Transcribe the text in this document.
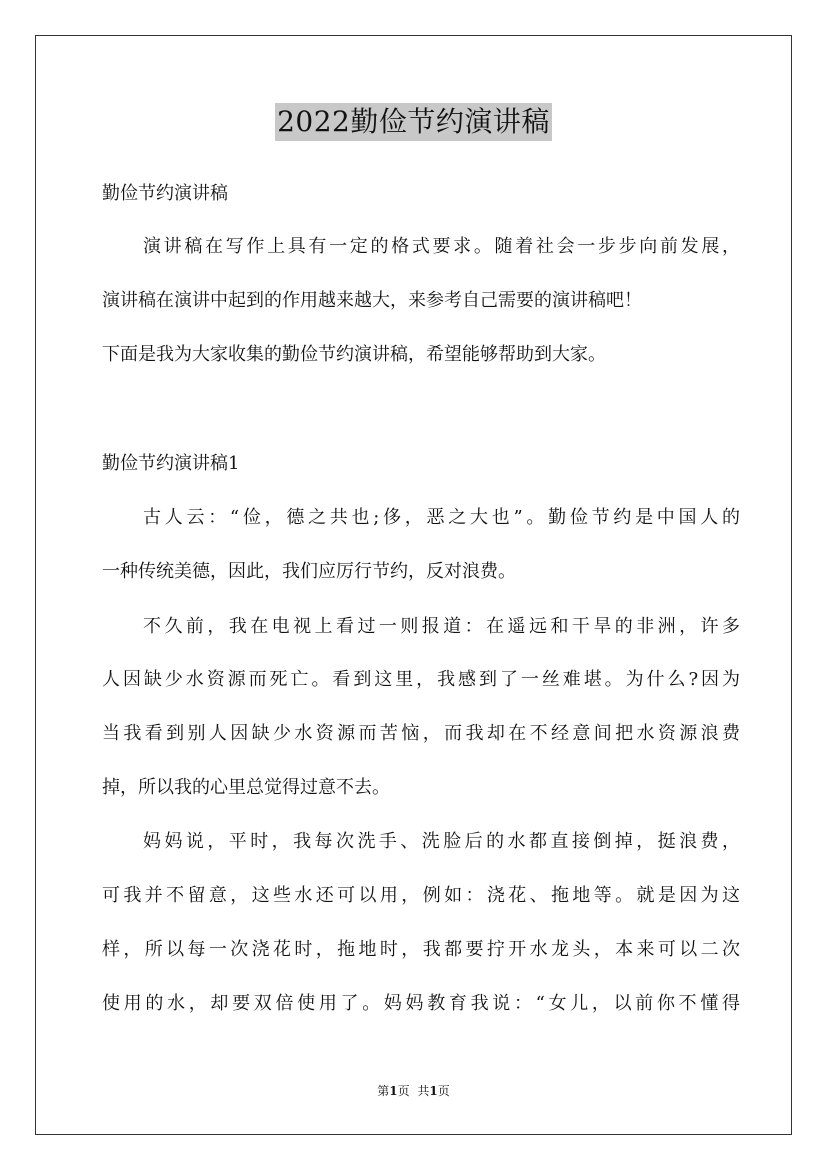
2022勤俭节约演讲稿
勤俭节约演讲稿
演讲稿在写作上具有一定的格式要求。随着社会一步步向前发展，
演讲稿在演讲中起到的作用越来越大，来参考自己需要的演讲稿吧！
下面是我为大家收集的勤俭节约演讲稿，希望能够帮助到大家。
勤俭节约演讲稿1
古人云：“俭，德之共也;侈，恶之大也”。勤俭节约是中国人的
一种传统美德，因此，我们应厉行节约，反对浪费。
不久前，我在电视上看过一则报道：在遥远和干旱的非洲，许多
人因缺少水资源而死亡。看到这里，我感到了一丝难堪。为什么?因为
当我看到别人因缺少水资源而苦恼，而我却在不经意间把水资源浪费
掉，所以我的心里总觉得过意不去。
妈妈说，平时，我每次洗手、洗脸后的水都直接倒掉，挺浪费，
可我并不留意，这些水还可以用，例如：浇花、拖地等。就是因为这
样，所以每一次浇花时，拖地时，我都要拧开水龙头，本来可以二次
使用的水，却要双倍使用了。妈妈教育我说：“女儿，以前你不懂得
第1页 共1页
